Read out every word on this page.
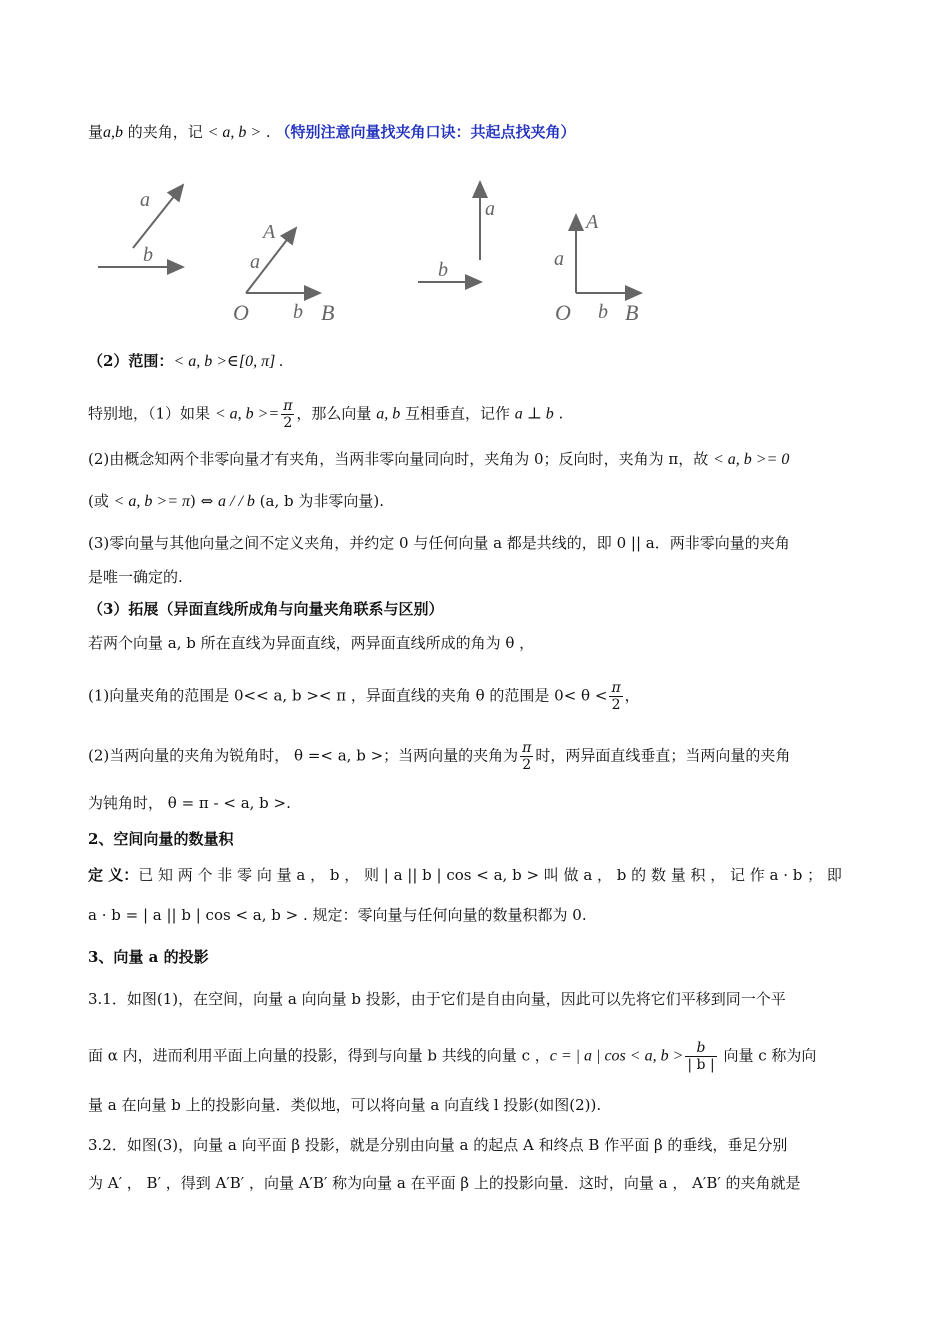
量a,b 的夹角，记 < a, b > . （特别注意向量找夹角口诀：共起点找夹角）
a
b
A
a
O b B
a
b
A
a
O b B
（2）范围：< a, b >∈[0, π] .
特别地，（1）如果 < a, $b >= \frac{\pi}{2}$ ，那么向量 a, b 互相垂直，记作 a ⊥ b .
(2)由概念知两个非零向量才有夹角，当两非零向量同向时，夹角为 0；反向时，夹角为 π，故 < a, b >= 0
(或 < a, b >= π) ⇔ a / / b (a, b 为非零向量).
(3)零向量与其他向量之间不定义夹角，并约定 0 与任何向量 a 都是共线的，即 0 || a．两非零向量的夹角
是唯一确定的.
（3）拓展（异面直线所成角与向量夹角联系与区别）
若两个向量 a, b 所在直线为异面直线，两异面直线所成的角为 θ ，
(1)向量夹角的范围是 0<< a, b >< π ，异面直线的夹角 θ 的范围是 $0< \theta < \frac{\pi}{2}$ ，
(2)当两向量的夹角为锐角时， θ =< a, b >；当两向量的夹角为 $\frac{\pi}{2}$ 时，两异面直线垂直；当两向量的夹角
为钝角时， θ = π - < a, b >.
2、空间向量的数量积
定 义：已 知 两 个 非 零 向 量 a ， b ， 则 | a || b | cos < a, b > 叫 做 a ， b 的 数 量 积 ， 记 作 a · b ； 即
a · b = | a || b | cos < a, b > . 规定：零向量与任何向量的数量积都为 0.
3、向量 a 的投影
3.1．如图(1)，在空间，向量 a 向向量 b 投影，由于它们是自由向量，因此可以先将它们平移到同一个平
面 α 内，进而利用平面上向量的投影，得到与向量 b 共线的向量 c ，c = | a | cos < a, $b > \frac{b}{| b |}$ 向量 c 称为向
量 a 在向量 b 上的投影向量．类似地，可以将向量 a 向直线 l 投影(如图(2)).
3.2．如图(3)，向量 a 向平面 β 投影，就是分别由向量 a 的起点 A 和终点 B 作平面 β 的垂线，垂足分别
为 A′ ， B′ ，得到 A′B′ ，向量 A′B′ 称为向量 a 在平面 β 上的投影向量．这时，向量 a ， A′B′ 的夹角就是
